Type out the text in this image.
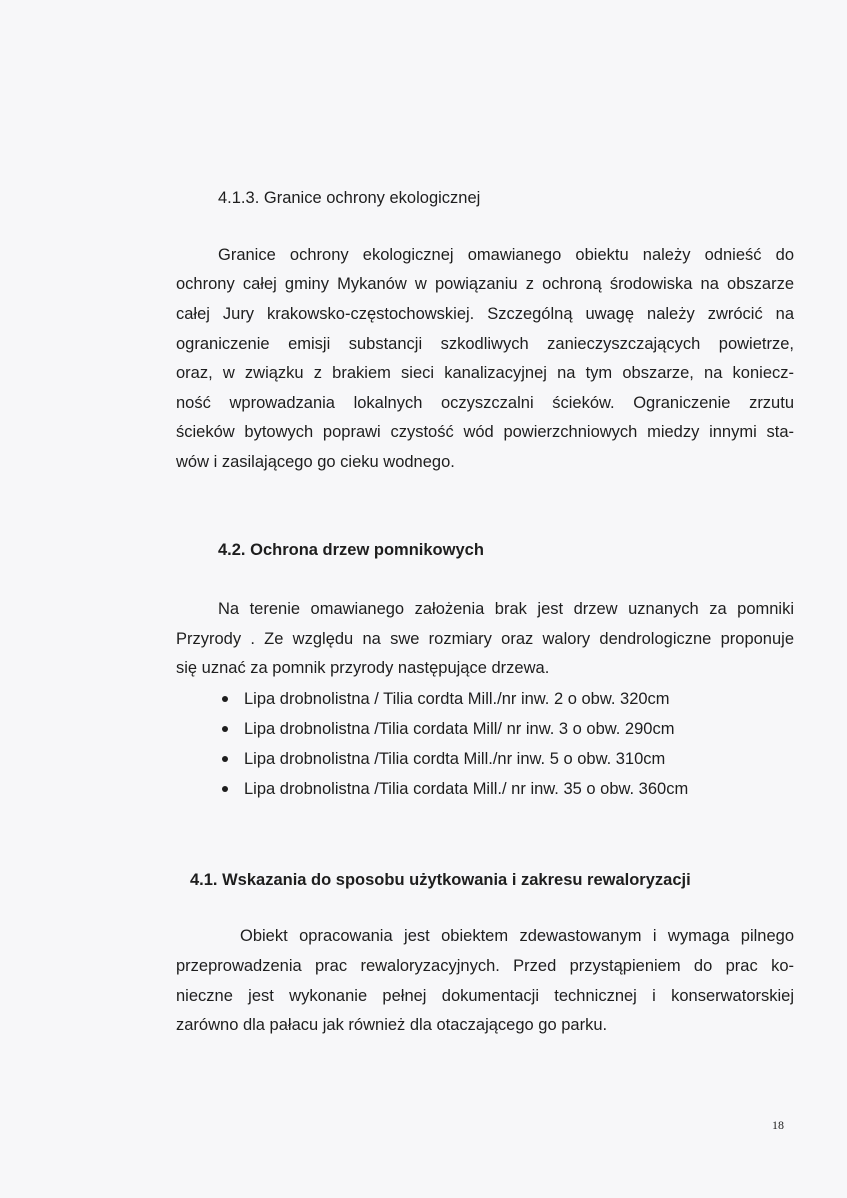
4.1.3. Granice ochrony ekologicznej
Granice ochrony ekologicznej omawianego obiektu należy odnieść do
ochrony całej gminy Mykanów w powiązaniu z ochroną środowiska na obszarze
całej Jury krakowsko-częstochowskiej. Szczególną uwagę należy zwrócić na
ograniczenie emisji substancji szkodliwych zanieczyszczających powietrze,
oraz, w związku z brakiem sieci kanalizacyjnej na tym obszarze, na koniecz-
ność wprowadzania lokalnych oczyszczalni ścieków. Ograniczenie zrzutu
ścieków bytowych poprawi czystość wód powierzchniowych miedzy innymi sta-
wów i zasilającego go cieku wodnego.
4.2. Ochrona drzew pomnikowych
Na terenie omawianego założenia brak jest drzew uznanych za pomniki
Przyrody . Ze względu na swe rozmiary oraz walory dendrologiczne proponuje
się uznać za pomnik przyrody następujące drzewa.
Lipa drobnolistna / Tilia cordta Mill./nr inw. 2 o obw. 320cm
Lipa drobnolistna /Tilia cordata Mill/ nr inw. 3 o obw. 290cm
Lipa drobnolistna /Tilia cordta Mill./nr inw. 5 o obw. 310cm
Lipa drobnolistna /Tilia cordata Mill./ nr inw. 35 o obw. 360cm
4.1. Wskazania do sposobu użytkowania i zakresu rewaloryzacji
Obiekt opracowania jest obiektem zdewastowanym i wymaga pilnego
przeprowadzenia prac rewaloryzacyjnych. Przed przystąpieniem do prac ko-
nieczne jest wykonanie pełnej dokumentacji technicznej i konserwatorskiej
zarówno dla pałacu jak również dla otaczającego go parku.
18
